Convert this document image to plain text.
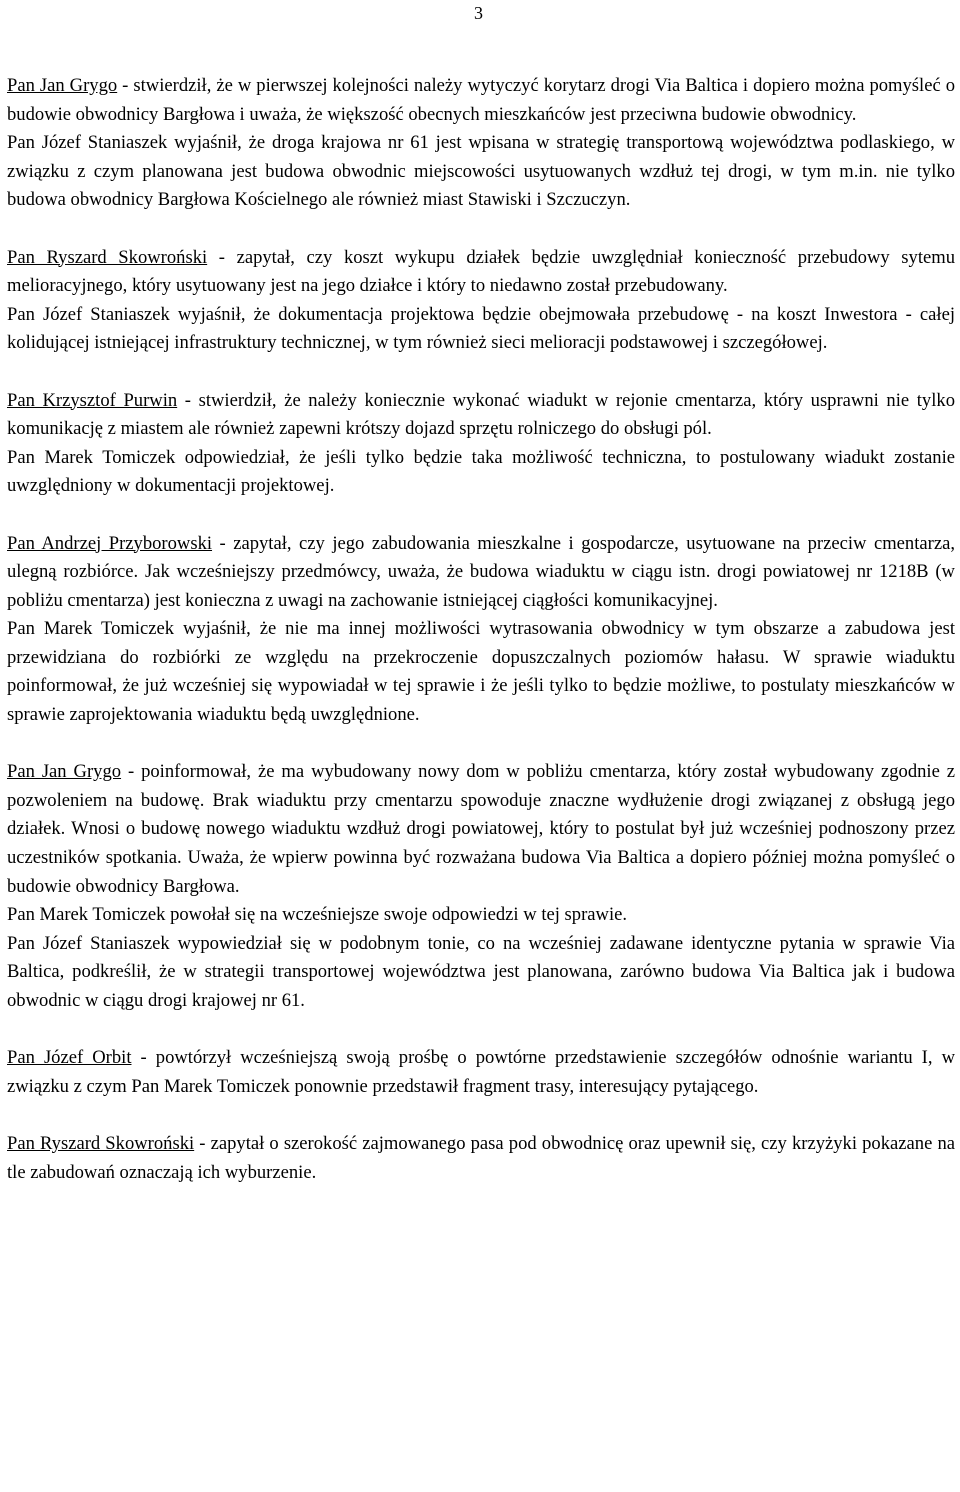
3

Pan Jan Grygo - stwierdził, że w pierwszej kolejności należy wytyczyć korytarz drogi Via Baltica i dopiero można pomyśleć o budowie obwodnicy Bargłowa i uważa, że większość obecnych mieszkańców jest przeciwna budowie obwodnicy.

Pan Józef Staniaszek wyjaśnił, że droga krajowa nr 61 jest wpisana w strategię transportową województwa podlaskiego, w związku z czym planowana jest budowa obwodnic miejscowości usytuowanych wzdłuż tej drogi, w tym m.in. nie tylko budowa obwodnicy Bargłowa Kościelnego ale również miast Stawiski i Szczuczyn.

Pan Ryszard Skowroński - zapytał, czy koszt wykupu działek będzie uwzględniał konieczność przebudowy sytemu melioracyjnego, który usytuowany jest na jego działce i który to niedawno został przebudowany.

Pan Józef Staniaszek wyjaśnił, że dokumentacja projektowa będzie obejmowała przebudowę - na koszt Inwestora - całej kolidującej istniejącej infrastruktury technicznej, w tym również sieci melioracji podstawowej i szczegółowej.

Pan Krzysztof Purwin - stwierdził, że należy koniecznie wykonać wiadukt w rejonie cmentarza, który usprawni nie tylko komunikację z miastem ale również zapewni krótszy dojazd sprzętu rolniczego do obsługi pól.

Pan Marek Tomiczek odpowiedział, że jeśli tylko będzie taka możliwość techniczna, to postulowany wiadukt zostanie uwzględniony w dokumentacji projektowej.

Pan Andrzej Przyborowski - zapytał, czy jego zabudowania mieszkalne i gospodarcze, usytuowane na przeciw cmentarza, ulegną rozbiórce. Jak wcześniejszy przedmówcy, uważa, że budowa wiaduktu w ciągu istn. drogi powiatowej nr 1218B (w pobliżu cmentarza) jest konieczna z uwagi na zachowanie istniejącej ciągłości komunikacyjnej.

Pan Marek Tomiczek wyjaśnił, że nie ma innej możliwości wytrasowania obwodnicy w tym obszarze a zabudowa jest przewidziana do rozbiórki ze względu na przekroczenie dopuszczalnych poziomów hałasu. W sprawie wiaduktu poinformował, że już wcześniej się wypowiadał w tej sprawie i że jeśli tylko to będzie możliwe, to postulaty mieszkańców w sprawie zaprojektowania wiaduktu będą uwzględnione.

Pan Jan Grygo - poinformował, że ma wybudowany nowy dom w pobliżu cmentarza, który został wybudowany zgodnie z pozwoleniem na budowę. Brak wiaduktu przy cmentarzu spowoduje znaczne wydłużenie drogi związanej z obsługą jego działek. Wnosi o budowę nowego wiaduktu wzdłuż drogi powiatowej, który to postulat był już wcześniej podnoszony przez uczestników spotkania. Uważa, że wpierw powinna być rozważana budowa Via Baltica a dopiero później można pomyśleć o budowie obwodnicy Bargłowa.

Pan Marek Tomiczek powołał się na wcześniejsze swoje odpowiedzi w tej sprawie.

Pan Józef Staniaszek wypowiedział się w podobnym tonie, co na wcześniej zadawane identyczne pytania w sprawie Via Baltica, podkreślił, że w strategii transportowej województwa jest planowana, zarówno budowa Via Baltica jak i budowa obwodnic w ciągu drogi krajowej nr 61.

Pan Józef Orbit - powtórzył wcześniejszą swoją prośbę o powtórne przedstawienie szczegółów odnośnie wariantu I, w związku z czym Pan Marek Tomiczek ponownie przedstawił fragment trasy, interesujący pytającego.

Pan Ryszard Skowroński - zapytał o szerokość zajmowanego pasa pod obwodnicę oraz upewnił się, czy krzyżyki pokazane na tle zabudowań oznaczają ich wyburzenie.
